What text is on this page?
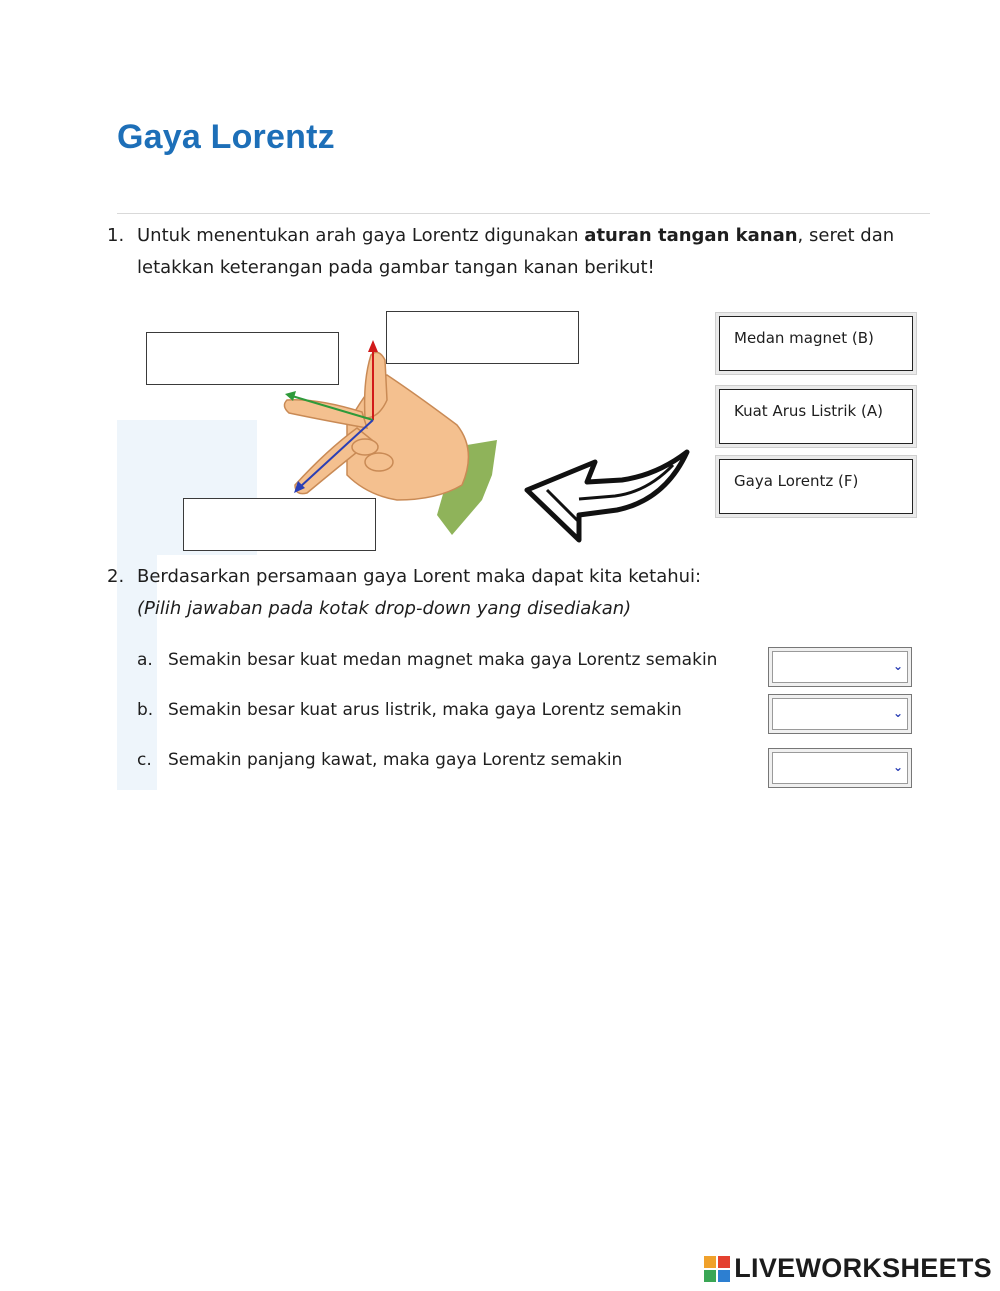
Gaya Lorentz
1. Untuk menentukan arah gaya Lorentz digunakan aturan tangan kanan, seret dan
letakkan keterangan pada gambar tangan kanan berikut!
Medan magnet (B)
Kuat Arus Listrik (A)
Gaya Lorentz (F)
2. Berdasarkan persamaan gaya Lorent maka dapat kita ketahui:
(Pilih jawaban pada kotak drop-down yang disediakan)
a. Semakin besar kuat medan magnet maka gaya Lorentz semakin	⌄
b. Semakin besar kuat arus listrik, maka gaya Lorentz semakin	⌄
c. Semakin panjang kawat, maka gaya Lorentz semakin	⌄
LIVEWORKSHEETS
